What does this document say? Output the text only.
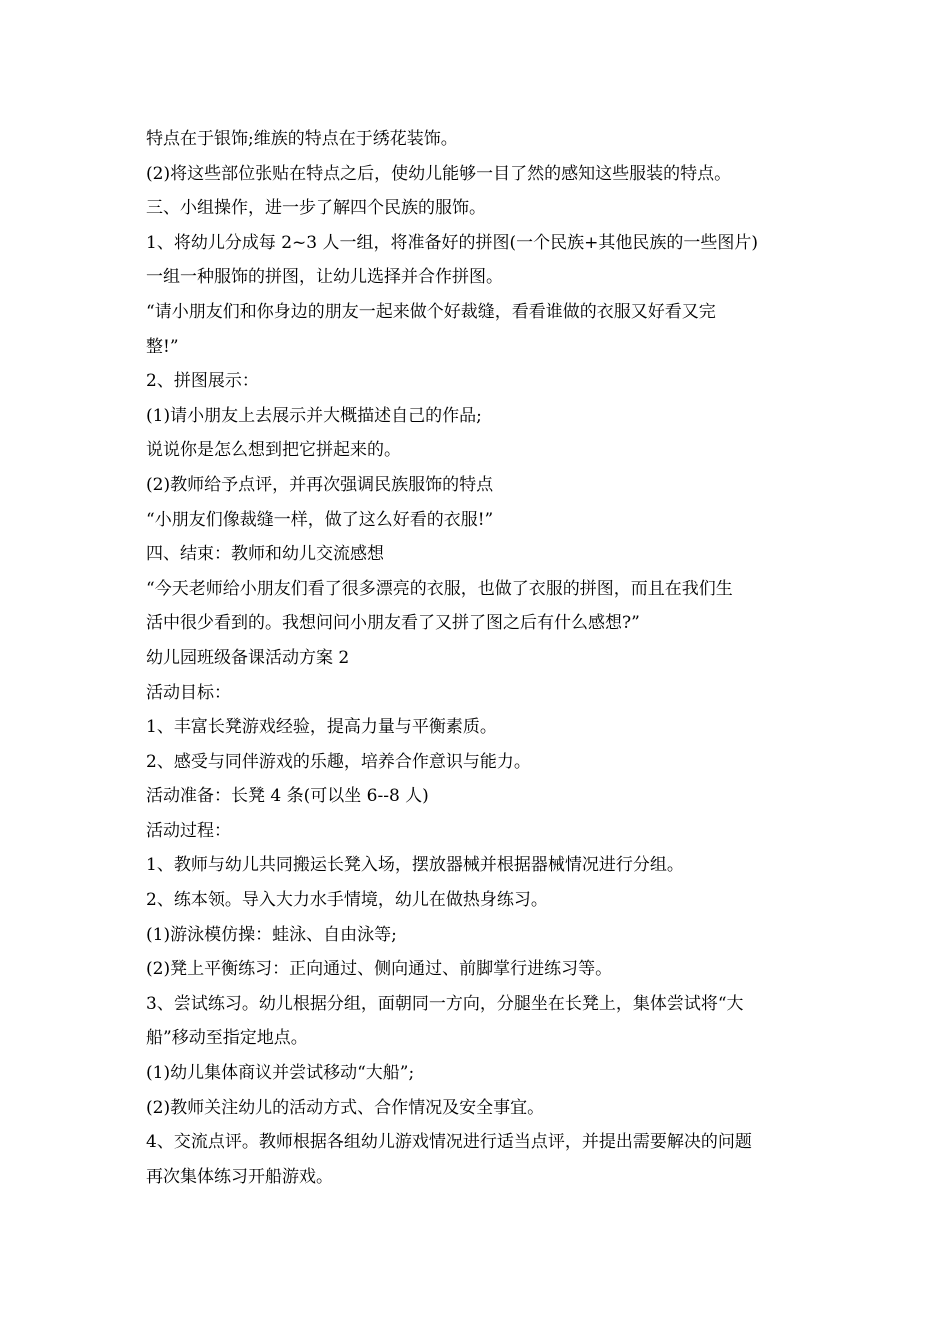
特点在于银饰;维族的特点在于绣花装饰。

(2)将这些部位张贴在特点之后，使幼儿能够一目了然的感知这些服装的特点。

三、小组操作，进一步了解四个民族的服饰。

1、将幼儿分成每 2~3 人一组，将准备好的拼图(一个民族+其他民族的一些图片)

一组一种服饰的拼图，让幼儿选择并合作拼图。

“请小朋友们和你身边的朋友一起来做个好裁缝，看看谁做的衣服又好看又完

整!”

2、拼图展示：

(1)请小朋友上去展示并大概描述自己的作品;

说说你是怎么想到把它拼起来的。

(2)教师给予点评，并再次强调民族服饰的特点

“小朋友们像裁缝一样，做了这么好看的衣服!”

四、结束：教师和幼儿交流感想

“今天老师给小朋友们看了很多漂亮的衣服，也做了衣服的拼图，而且在我们生

活中很少看到的。我想问问小朋友看了又拼了图之后有什么感想?”

幼儿园班级备课活动方案 2

活动目标：

1、丰富长凳游戏经验，提高力量与平衡素质。

2、感受与同伴游戏的乐趣，培养合作意识与能力。

活动准备：长凳 4 条(可以坐 6--8 人)

活动过程：

1、教师与幼儿共同搬运长凳入场，摆放器械并根据器械情况进行分组。

2、练本领。导入大力水手情境，幼儿在做热身练习。

(1)游泳模仿操：蛙泳、自由泳等;

(2)凳上平衡练习：正向通过、侧向通过、前脚掌行进练习等。

3、尝试练习。幼儿根据分组，面朝同一方向，分腿坐在长凳上，集体尝试将“大

船”移动至指定地点。

(1)幼儿集体商议并尝试移动“大船”;

(2)教师关注幼儿的活动方式、合作情况及安全事宜。

4、交流点评。教师根据各组幼儿游戏情况进行适当点评，并提出需要解决的问题

再次集体练习开船游戏。
